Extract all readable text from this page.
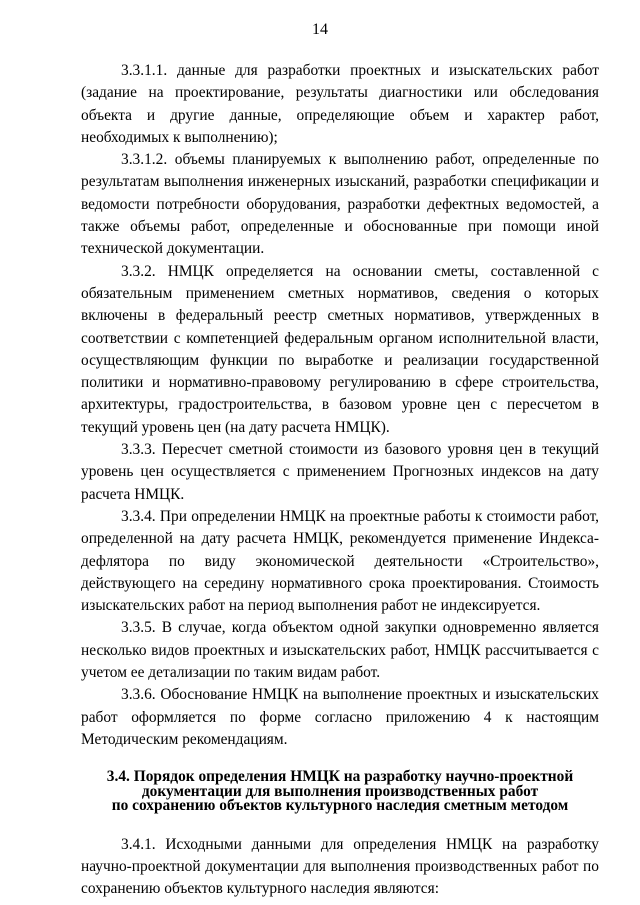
14

3.3.1.1. данные для разработки проектных и изыскательских работ (задание на проектирование, результаты диагностики или обследования объекта и другие данные, определяющие объем и характер работ, необходимых к выполнению);

3.3.1.2. объемы планируемых к выполнению работ, определенные по результатам выполнения инженерных изысканий, разработки спецификации и ведомости потребности оборудования, разработки дефектных ведомостей, а также объемы работ, определенные и обоснованные при помощи иной технической документации.

3.3.2. НМЦК определяется на основании сметы, составленной с обязательным применением сметных нормативов, сведения о которых включены в федеральный реестр сметных нормативов, утвержденных в соответствии с компетенцией федеральным органом исполнительной власти, осуществляющим функции по выработке и реализации государственной политики и нормативно-правовому регулированию в сфере строительства, архитектуры, градостроительства, в базовом уровне цен с пересчетом в текущий уровень цен (на дату расчета НМЦК).

3.3.3. Пересчет сметной стоимости из базового уровня цен в текущий уровень цен осуществляется с применением Прогнозных индексов на дату расчета НМЦК.

3.3.4. При определении НМЦК на проектные работы к стоимости работ, определенной на дату расчета НМЦК, рекомендуется применение Индекса-дефлятора по виду экономической деятельности «Строительство», действующего на середину нормативного срока проектирования. Стоимость изыскательских работ на период выполнения работ не индексируется.

3.3.5. В случае, когда объектом одной закупки одновременно является несколько видов проектных и изыскательских работ, НМЦК рассчитывается с учетом ее детализации по таким видам работ.

3.3.6. Обоснование НМЦК на выполнение проектных и изыскательских работ оформляется по форме согласно приложению 4 к настоящим Методическим рекомендациям.

3.4. Порядок определения НМЦК на разработку научно-проектной
документации для выполнения производственных работ
по сохранению объектов культурного наследия сметным методом

3.4.1. Исходными данными для определения НМЦК на разработку научно-проектной документации для выполнения производственных работ по сохранению объектов культурного наследия являются:
